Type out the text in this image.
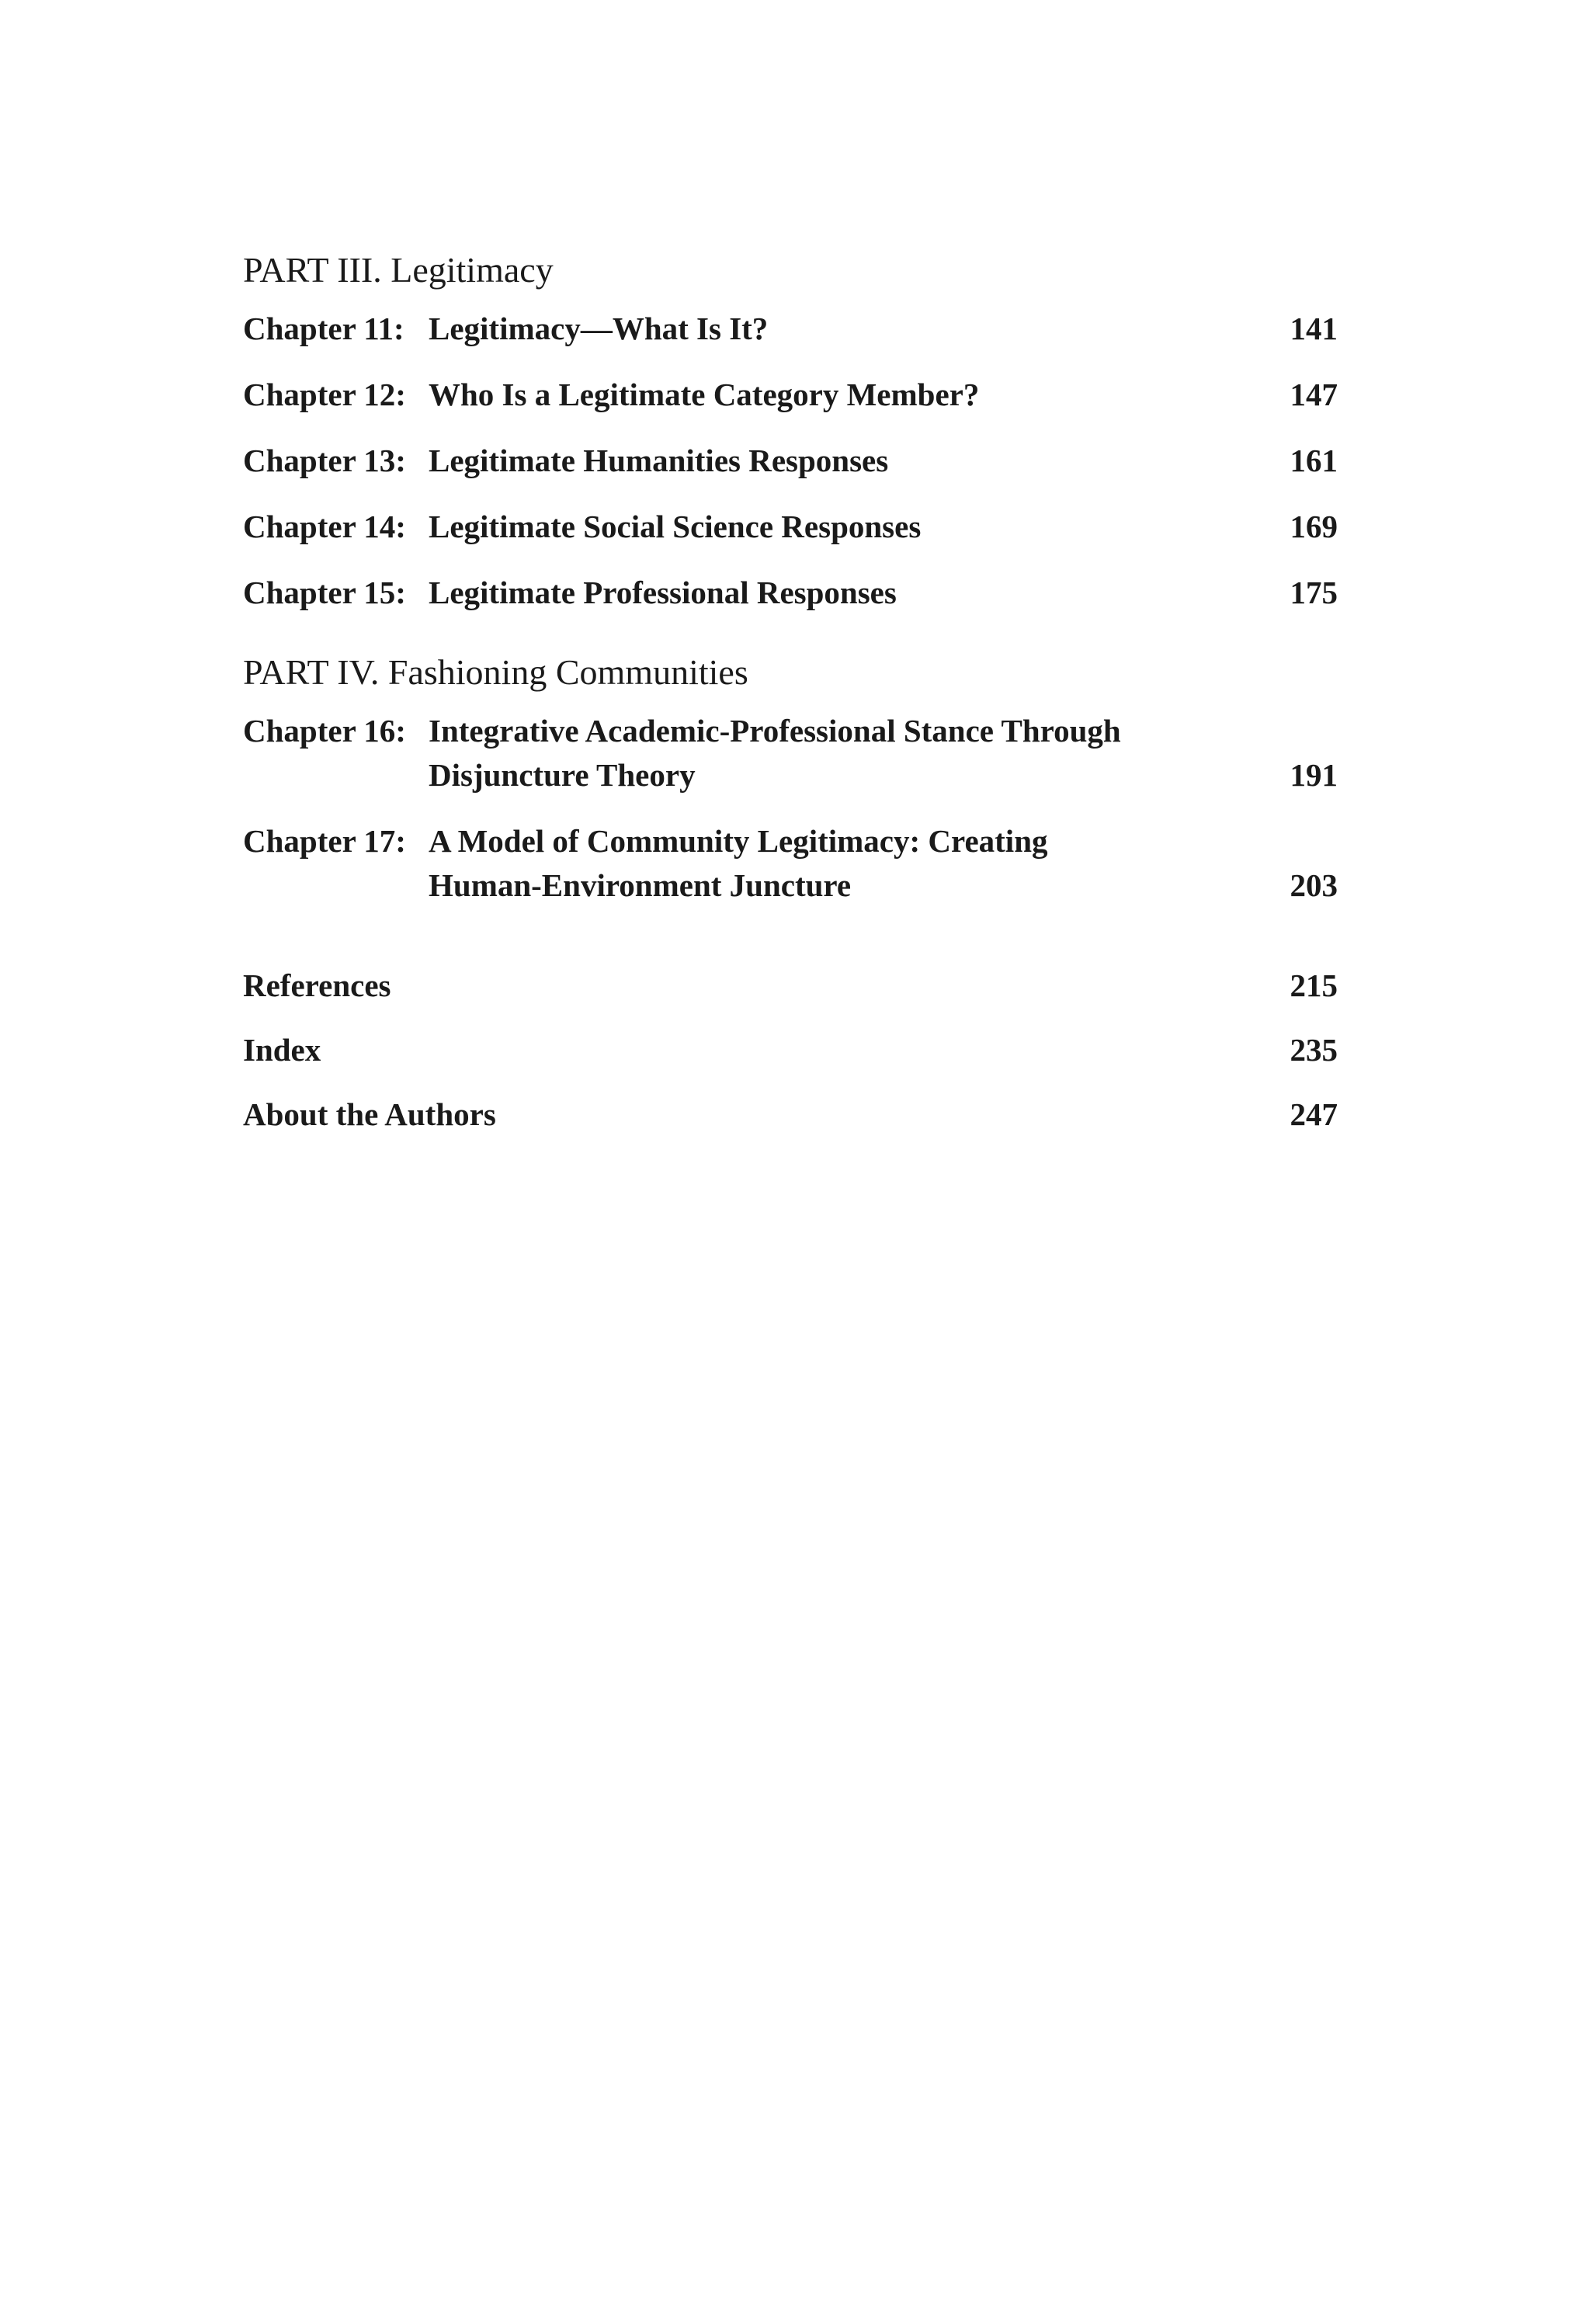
PART III. Legitimacy
Chapter 11: Legitimacy—What Is It?	141
Chapter 12: Who Is a Legitimate Category Member?	147
Chapter 13: Legitimate Humanities Responses	161
Chapter 14: Legitimate Social Science Responses	169
Chapter 15: Legitimate Professional Responses	175
PART IV. Fashioning Communities
Chapter 16: Integrative Academic-Professional Stance Through
Disjuncture Theory	191
Chapter 17: A Model of Community Legitimacy: Creating
Human-Environment Juncture	203
References	215
Index	235
About the Authors	247
